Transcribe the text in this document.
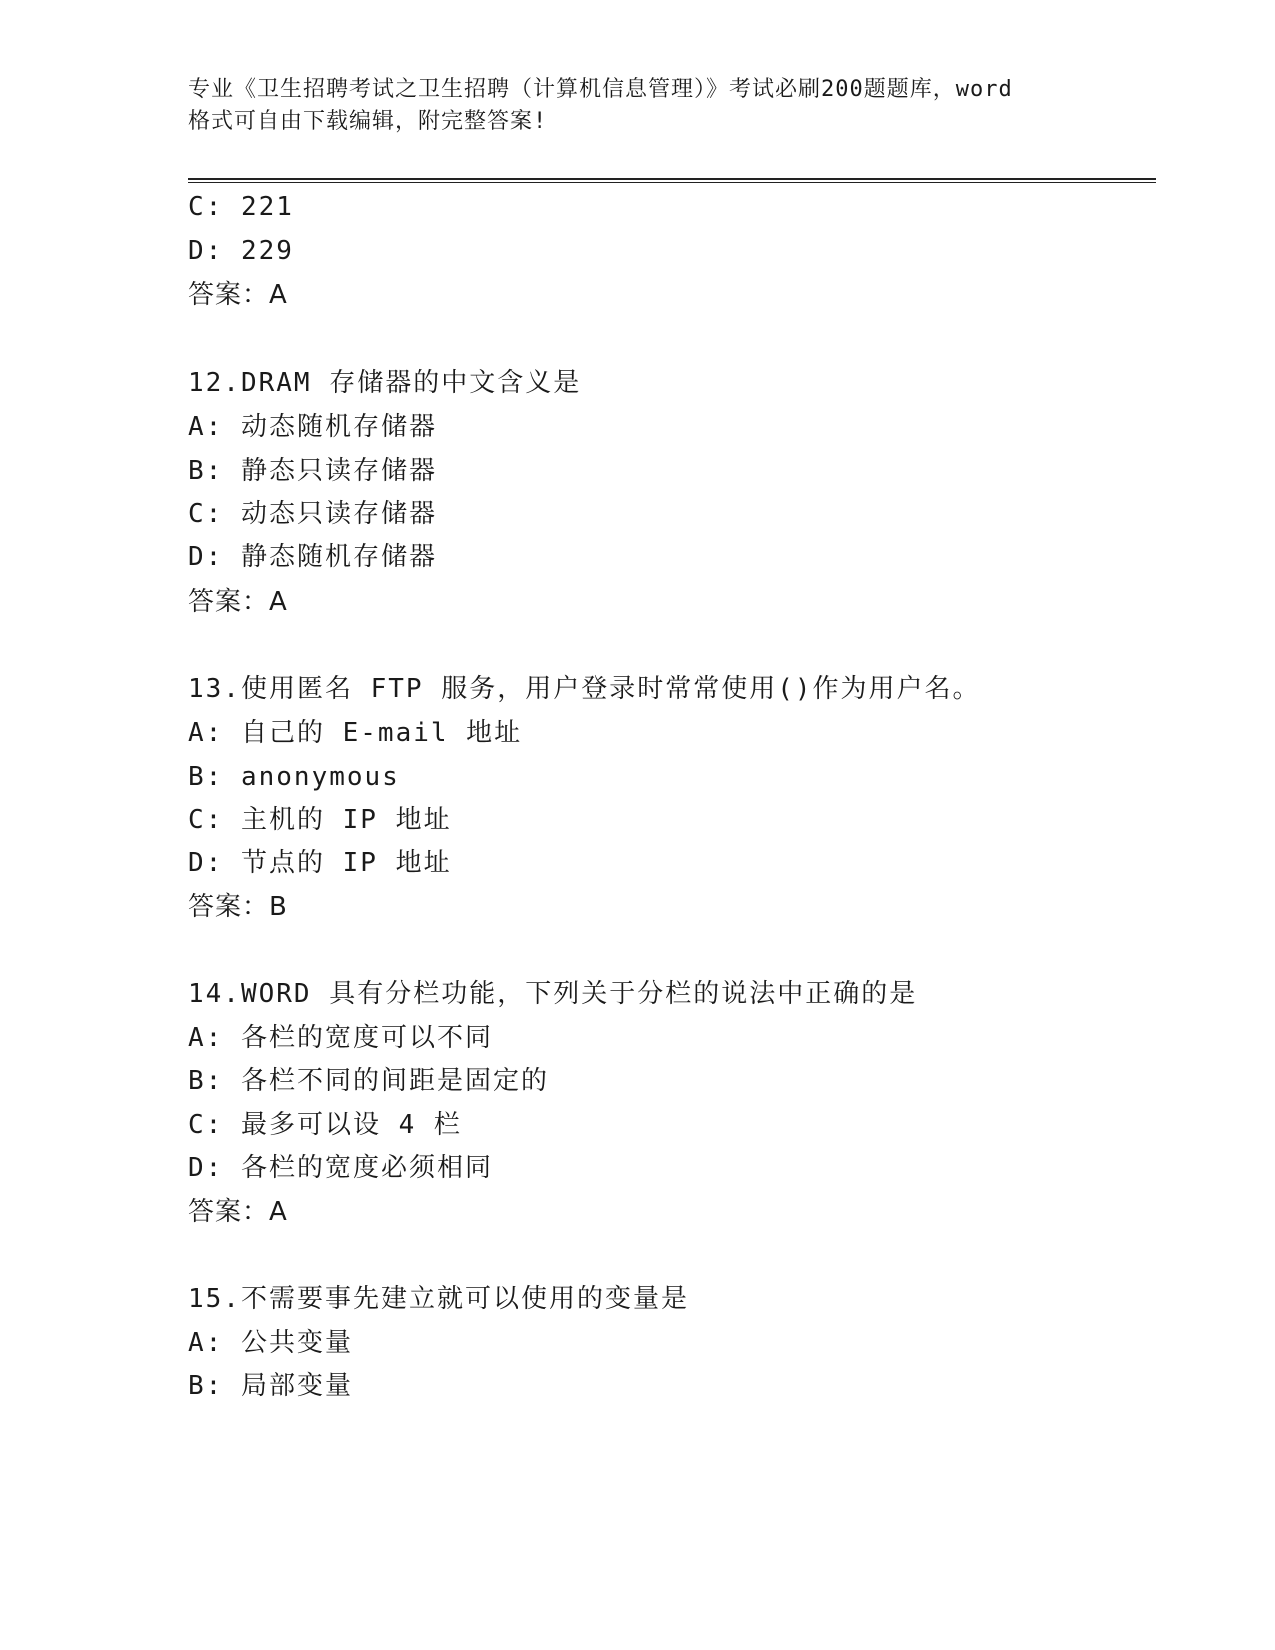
专业《卫生招聘考试之卫生招聘（计算机信息管理）》考试必刷200题题库，word
格式可自由下载编辑，附完整答案!
C: 221
D: 229
答案：A
12.DRAM 存储器的中文含义是
A: 动态随机存储器
B: 静态只读存储器
C: 动态只读存储器
D: 静态随机存储器
答案：A
13.使用匿名 FTP 服务，用户登录时常常使用()作为用户名。
A: 自己的 E-mail 地址
B: anonymous
C: 主机的 IP 地址
D: 节点的 IP 地址
答案：B
14.WORD 具有分栏功能，下列关于分栏的说法中正确的是
A: 各栏的宽度可以不同
B: 各栏不同的间距是固定的
C: 最多可以设 4 栏
D: 各栏的宽度必须相同
答案：A
15.不需要事先建立就可以使用的变量是
A: 公共变量
B: 局部变量
